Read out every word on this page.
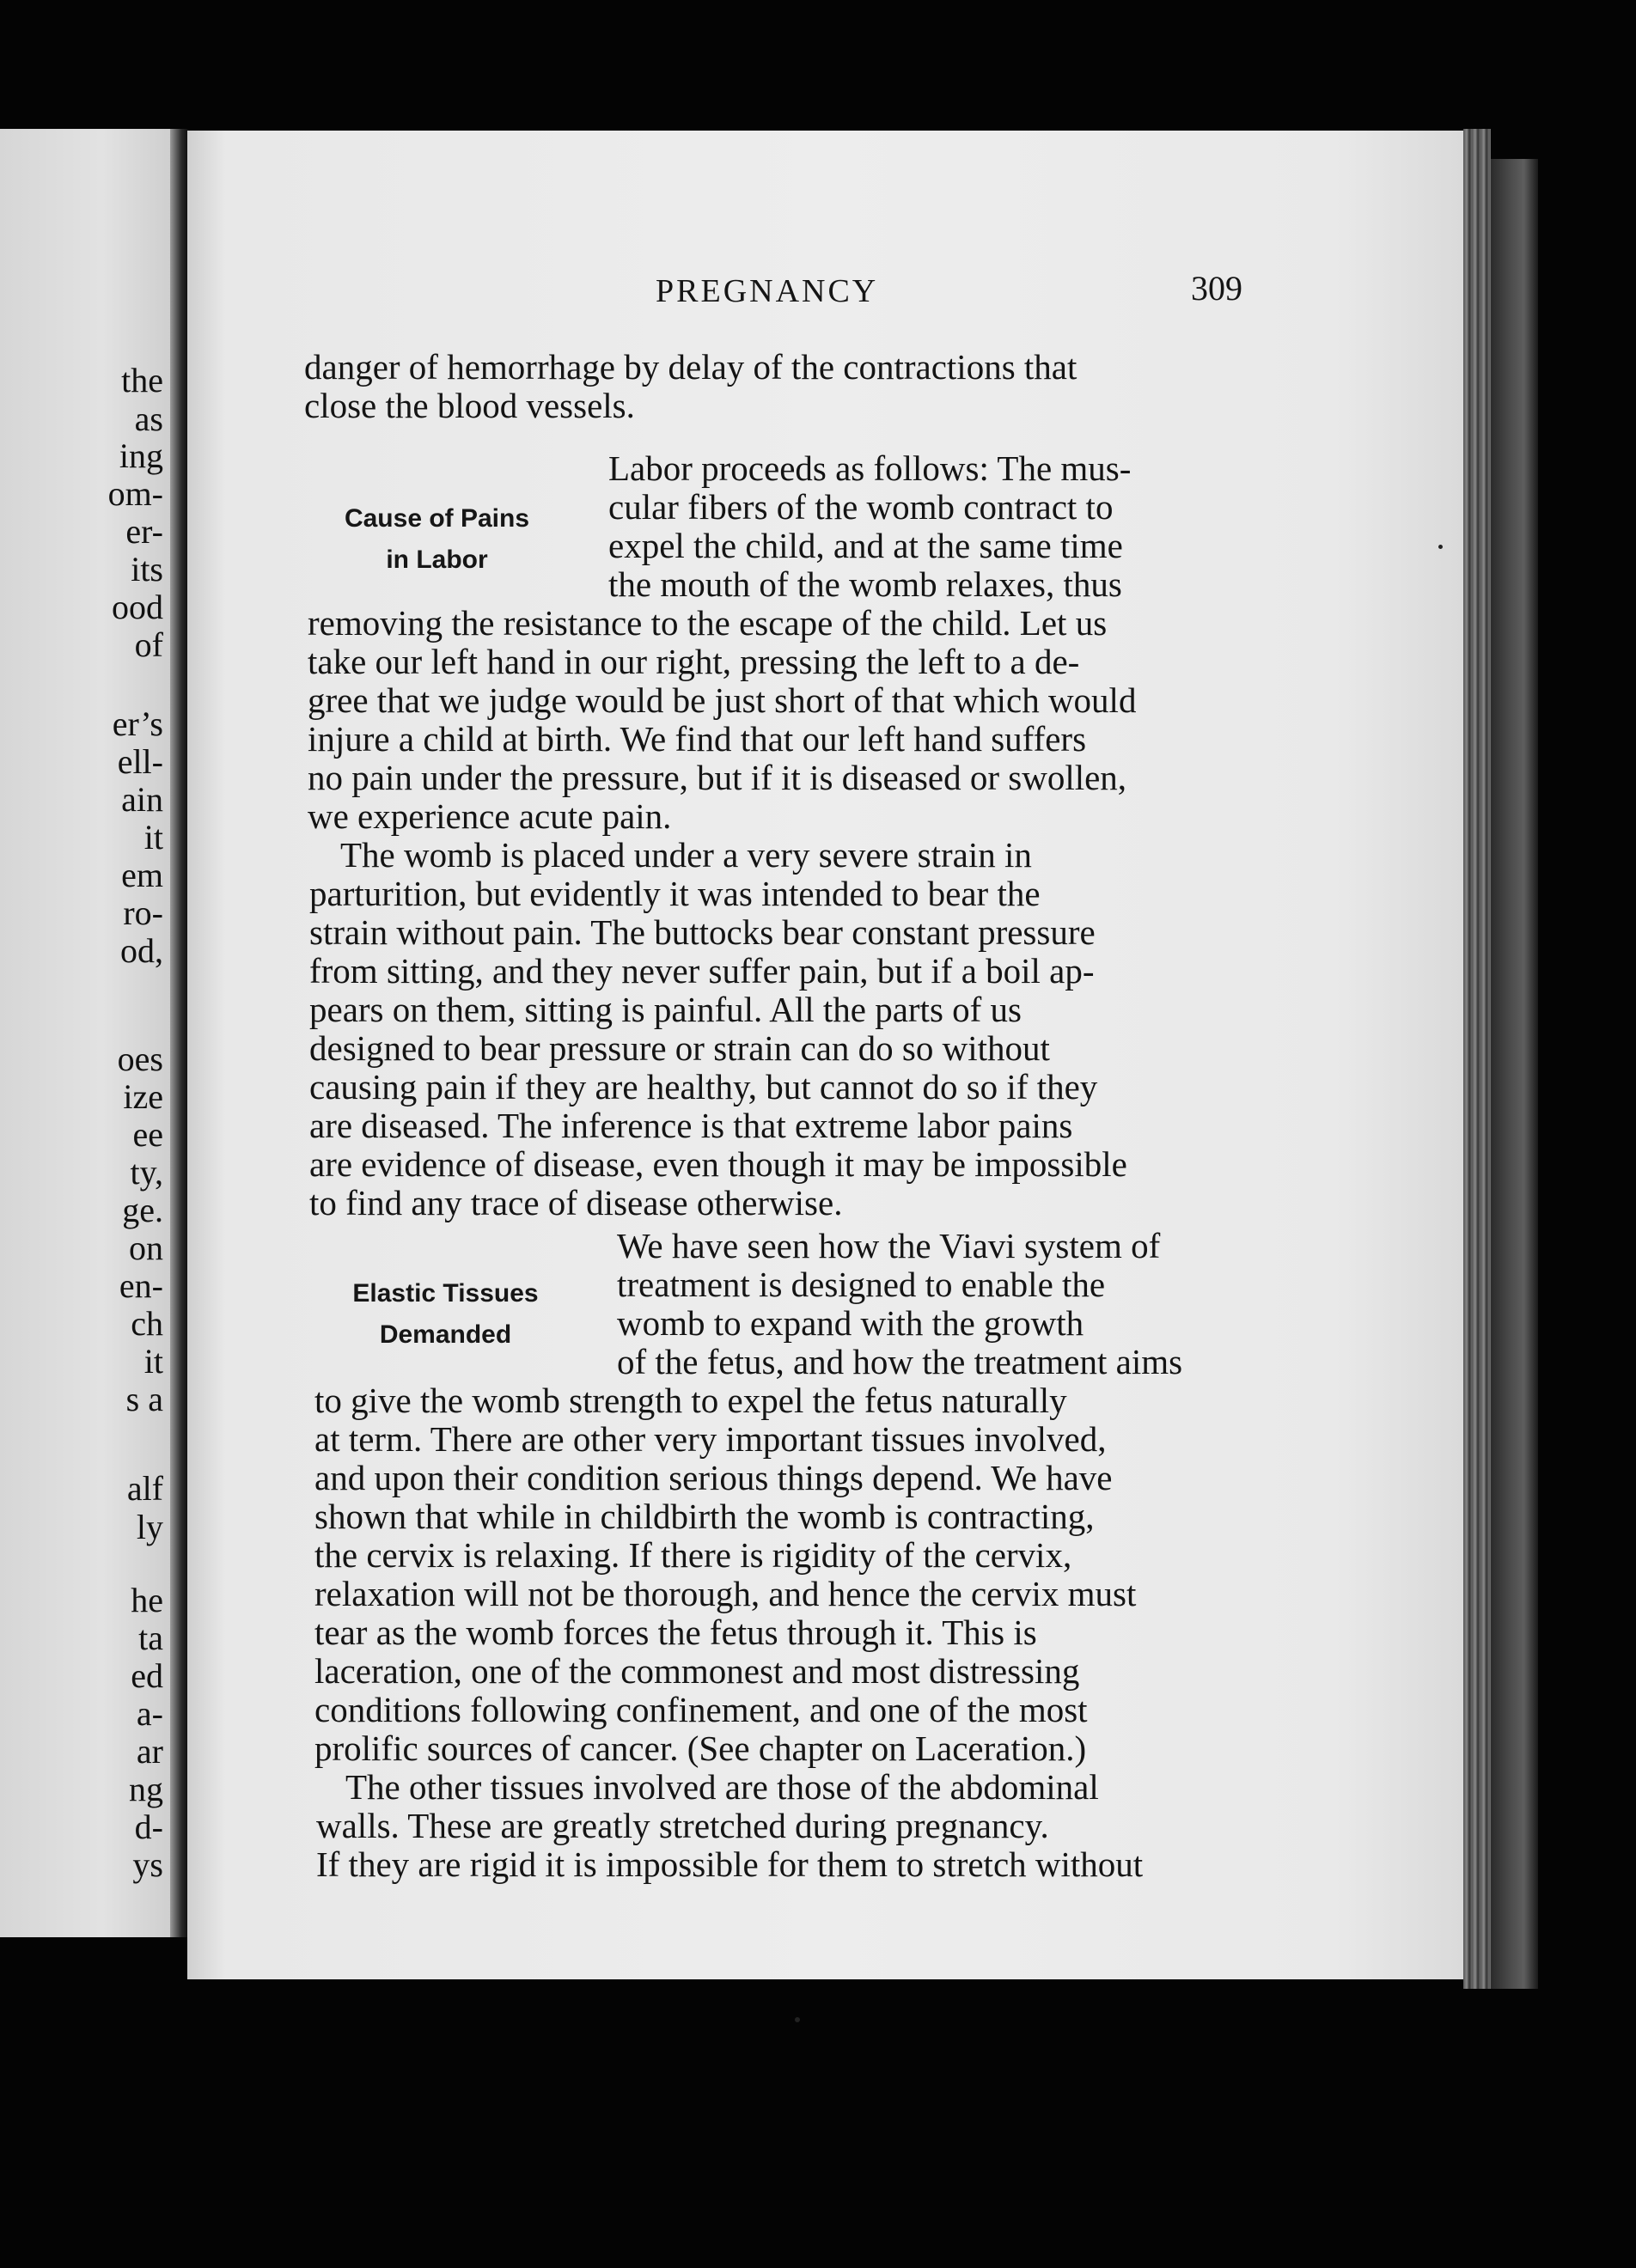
the

as

ing

om-

er-

its

ood

of

er’s

ell-

ain

it

em

ro-

od,

oes

ize

ee

ty,

ge.

on

en-

ch

it

s a

alf

ly

he

ta

ed

a-

ar

ng

d-

ys

PREGNANCY	309

danger of hemorrhage by delay of the contractions that

close the blood vessels.

Cause of Pains
in Labor

Labor proceeds as follows: The mus-

cular fibers of the womb contract to

expel the child, and at the same time

the mouth of the womb relaxes, thus

removing the resistance to the escape of the child. Let us

take our left hand in our right, pressing the left to a de-

gree that we judge would be just short of that which would

injure a child at birth. We find that our left hand suffers

no pain under the pressure, but if it is diseased or swollen,

we experience acute pain.

The womb is placed under a very severe strain in

parturition, but evidently it was intended to bear the

strain without pain. The buttocks bear constant pressure

from sitting, and they never suffer pain, but if a boil ap-

pears on them, sitting is painful. All the parts of us

designed to bear pressure or strain can do so without

causing pain if they are healthy, but cannot do so if they

are diseased. The inference is that extreme labor pains

are evidence of disease, even though it may be impossible

to find any trace of disease otherwise.

Elastic Tissues
Demanded

We have seen how the Viavi system of

treatment is designed to enable the

womb to expand with the growth

of the fetus, and how the treatment aims

to give the womb strength to expel the fetus naturally

at term. There are other very important tissues involved,

and upon their condition serious things depend. We have

shown that while in childbirth the womb is contracting,

the cervix is relaxing. If there is rigidity of the cervix,

relaxation will not be thorough, and hence the cervix must

tear as the womb forces the fetus through it. This is

laceration, one of the commonest and most distressing

conditions following confinement, and one of the most

prolific sources of cancer. (See chapter on Laceration.)

The other tissues involved are those of the abdominal

walls. These are greatly stretched during pregnancy.

If they are rigid it is impossible for them to stretch without
